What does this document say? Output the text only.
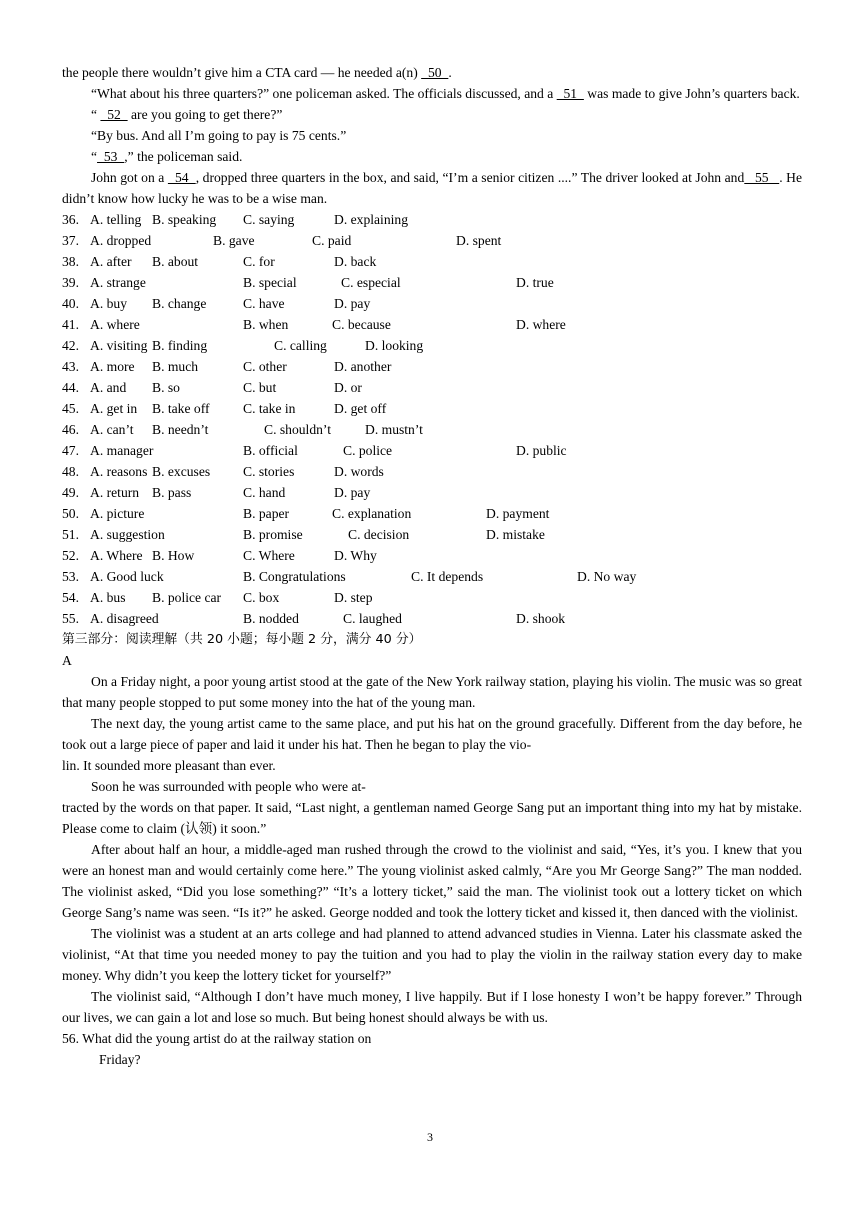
the people there wouldn’t give him a CTA card — he needed a(n)   50  .

“What about his three quarters?” one policeman asked. The officials discussed, and a   51   was made to give John’s quarters back.

“   52   are you going to get there?”

“By bus. And all I’m going to pay is 75 cents.”

“  53  ,” the policeman said.

John got on a   54  , dropped three quarters in the box, and said, “I’m a senior citizen ....” The driver looked at John and   55   . He didn’t know how lucky he was to be a wise man.

36. A. telling B. speaking C. saying	D. explaining
37. A. dropped	B. gave	C. paid	D. spent
38. A. after B. about	C. for	D. back
39. A. strange	B. special	C. especial	D. true
40. A. buy B. change	C. have	D. pay
41. A. where	B. when	C. because	D. where
42. A. visiting B. finding	C. calling	D. looking
43. A. more B. much	C. other	D. another
44. A. and B. so	C. but	D. or
45. A. get in B. take off C. take in	D. get off
46. A. can’t B. needn’t	C. shouldn’t	D. mustn’t
47. A. manager	B. official	C. police	D. public
48. A. reasons B. excuses C. stories	D. words
49. A. return B. pass	C. hand	D. pay
50. A. picture	B. paper	C. explanation	D. payment
51. A. suggestion	B. promise	C. decision	D. mistake
52. A. Where B. How	C. Where	D. Why
53. A. Good luck	B. Congratulations	C. It depends	D. No way
54. A. bus B. police car C. box	D. step
55. A. disagreed	B. nodded	C. laughed	D. shook

第三部分：阅读理解（共 20 小题；每小题 2 分，满分 40 分）

A

On a Friday night, a poor young artist stood at the gate of the New York railway station, playing his violin. The music was so great that many people stopped to put some money into the hat of the young man.

The next day, the young artist came to the same place, and put his hat on the ground gracefully. Different from the day before, he took out a large piece of paper and laid it under his hat. Then he began to play the vio-

lin. It sounded more pleasant than ever.

Soon he was surrounded with people who were at-

tracted by the words on that paper. It said, “Last night, a gentleman named George Sang put an important thing into my hat by mistake. Please come to claim (认领) it soon.”

After about half an hour, a middle-aged man rushed through the crowd to the violinist and said, “Yes, it’s you. I knew that you were an honest man and would certainly come here.” The young violinist asked calmly, “Are you Mr George Sang?” The man nodded. The violinist asked, “Did you lose something?” “It’s a lottery ticket,” said the man. The violinist took out a lottery ticket on which George Sang’s name was seen. “Is it?” he asked. George nodded and took the lottery ticket and kissed it, then danced with the violinist.

The violinist was a student at an arts college and had planned to attend advanced studies in Vienna. Later his classmate asked the violinist, “At that time you needed money to pay the tuition and you had to play the violin in the railway station every day to make money. Why didn’t you keep the lottery ticket for yourself?”

The violinist said, “Although I don’t have much money, I live happily. But if I lose honesty I won’t be happy forever.” Through our lives, we can gain a lot and lose so much. But being honest should always be with us.

56. What did the young artist do at the railway station on

Friday?

3
